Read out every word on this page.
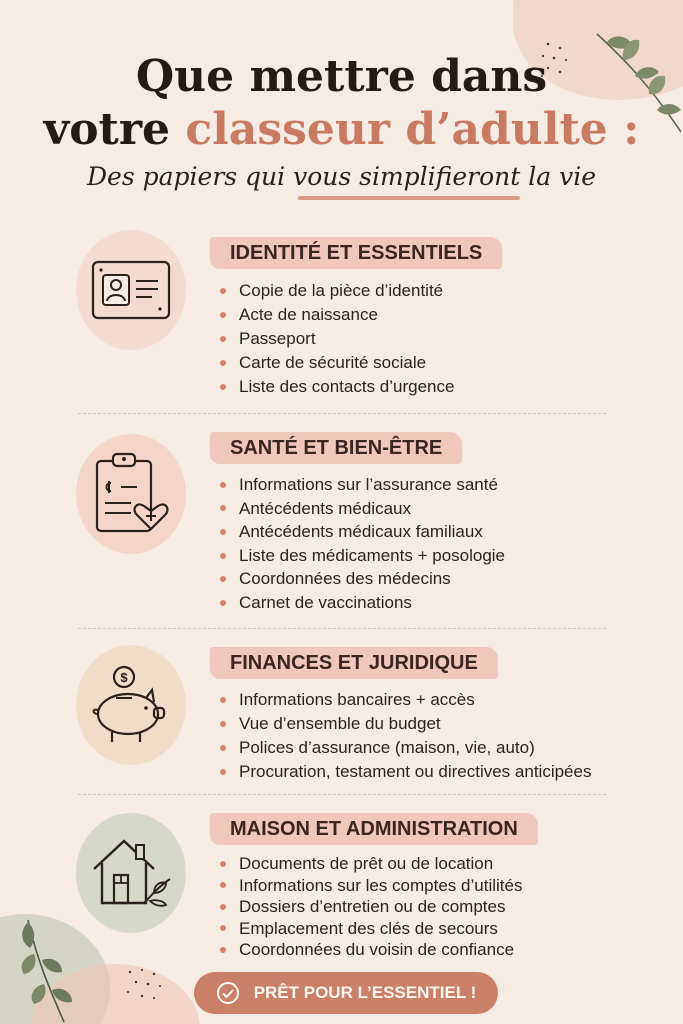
Que mettre dans
votre classeur d’adulte :
Des papiers qui vous simplifieront la vie
IDENTITÉ ET ESSENTIELS
Copie de la pièce d’identité
Acte de naissance
Passeport
Carte de sécurité sociale
Liste des contacts d’urgence
SANTÉ ET BIEN-ÊTRE
Informations sur l’assurance santé
Antécédents médicaux
Antécédents médicaux familiaux
Liste des médicaments + posologie
Coordonnées des médecins
Carnet de vaccinations
$
FINANCES ET JURIDIQUE
Informations bancaires + accès
Vue d’ensemble du budget
Polices d’assurance (maison, vie, auto)
Procuration, testament ou directives anticipées
MAISON ET ADMINISTRATION
Documents de prêt ou de location
Informations sur les comptes d’utilités
Dossiers d’entretien ou de comptes
Emplacement des clés de secours
Coordonnées du voisin de confiance
PRÊT POUR L’ESSENTIEL !
